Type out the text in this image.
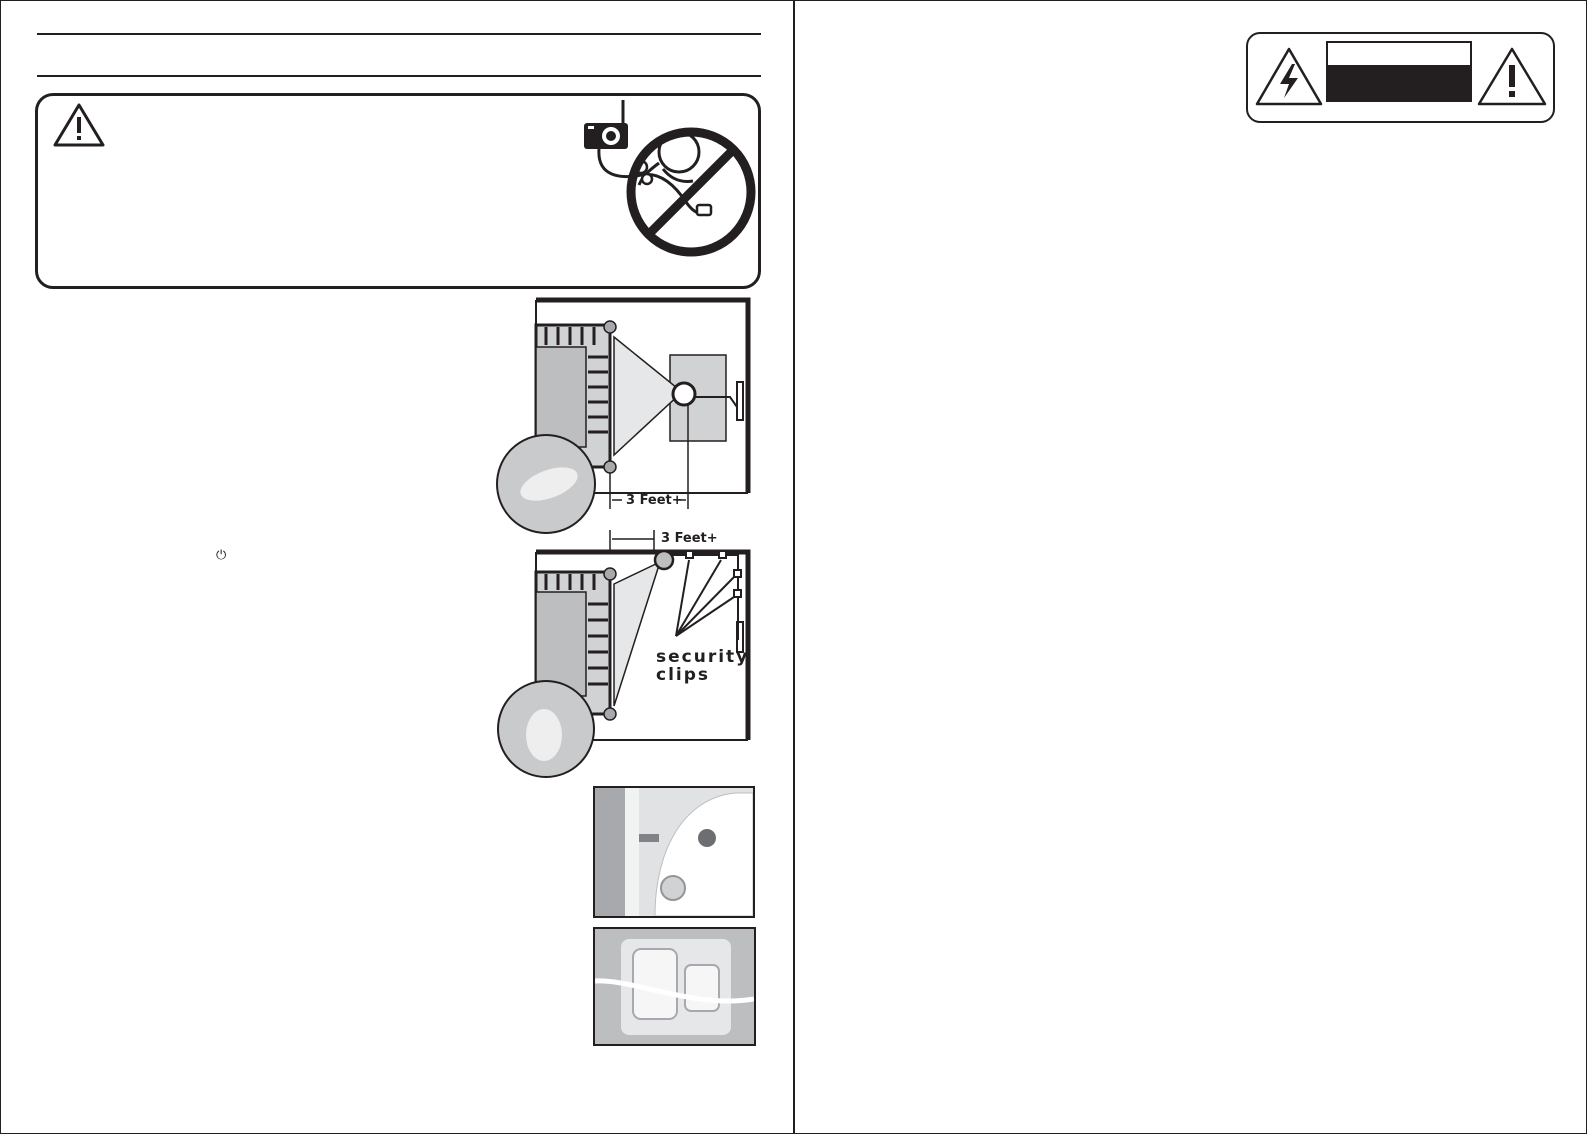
3 Feet+
⏻
3 Feet+
security
clips
